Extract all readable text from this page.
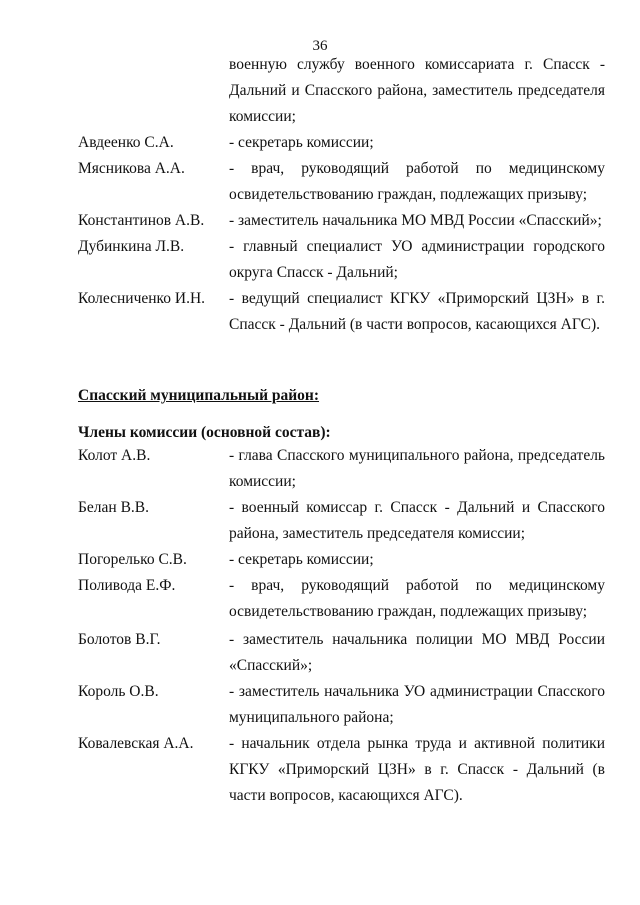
36
военную службу военного комиссариата г. Спасск - Дальний и Спасского района, заместитель председателя комиссии;
Авдеенко С.А.	- секретарь комиссии;
Мясникова А.А.	- врач, руководящий работой по медицинскому освидетельствованию граждан, подлежащих призыву;
Константинов А.В. - заместитель начальника МО МВД России «Спасский»;
Дубинкина Л.В.	- главный специалист УО администрации городского округа Спасск - Дальний;
Колесниченко И.Н. - ведущий специалист КГКУ «Приморский ЦЗН» в г. Спасск - Дальний (в части вопросов, касающихся АГС).
Спасский муниципальный район:
Члены комиссии (основной состав):
Колот А.В.	- глава Спасского муниципального района, председатель комиссии;
Белан В.В.	- военный комиссар г. Спасск - Дальний и Спасского района, заместитель председателя комиссии;
Погорелько С.В.	- секретарь комиссии;
Поливода Е.Ф.	- врач, руководящий работой по медицинскому освидетельствованию граждан, подлежащих призыву;
Болотов В.Г.	- заместитель начальника полиции МО МВД России «Спасский»;
Король О.В.	- заместитель начальника УО администрации Спасского муниципального района;
Ковалевская А.А. - начальник отдела рынка труда и активной политики КГКУ «Приморский ЦЗН» в г. Спасск - Дальний (в части вопросов, касающихся АГС).
